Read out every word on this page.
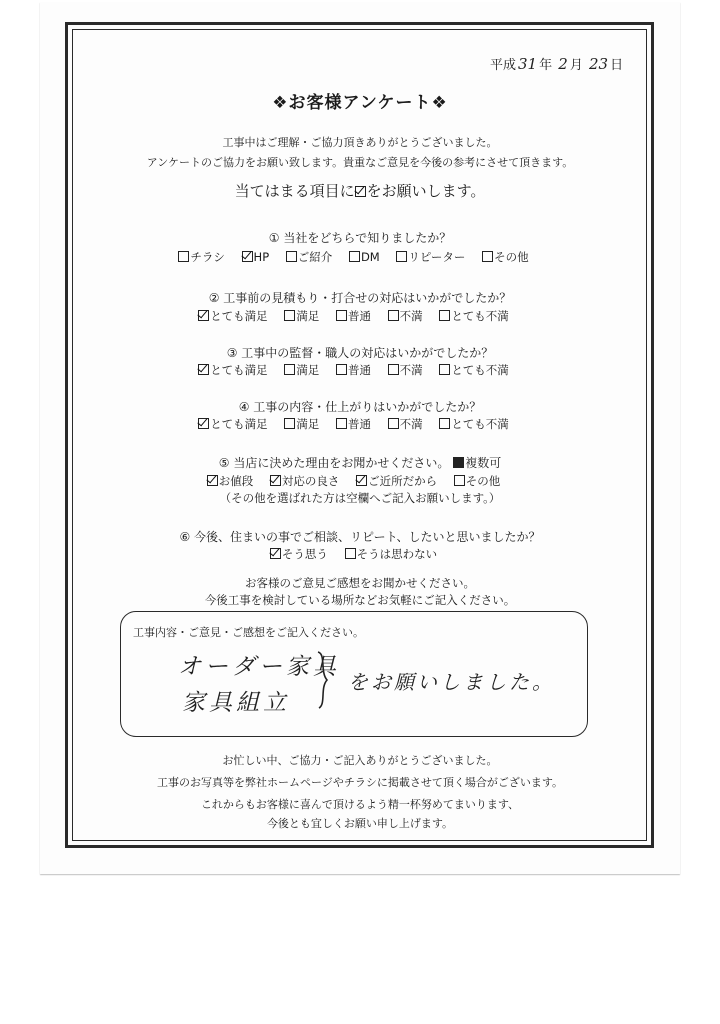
平成 31 年 2 月 23 日
❖お客様アンケート❖
工事中はご理解・ご協力頂きありがとうございました。
アンケートのご協力をお願い致します。貴重なご意見を今後の参考にさせて頂きます。
当てはまる項目に をお願いします。
① 当社をどちらで知りましたか？
チラシ HP ご紹介 DM リピーター その他
② 工事前の見積もり・打合せの対応はいかがでしたか？
とても満足 満足 普通 不満 とても不満
③ 工事中の監督・職人の対応はいかがでしたか？
とても満足 満足 普通 不満 とても不満
④ 工事の内容・仕上がりはいかがでしたか？
とても満足 満足 普通 不満 とても不満
⑤ 当店に決めた理由をお聞かせください。 複数可
お値段 対応の良さ ご近所だから その他
（その他を選ばれた方は空欄へご記入お願いします。）
⑥ 今後、住まいの事でご相談、リピート、したいと思いましたか？
そう思う そうは思わない
お客様のご意見ご感想をお聞かせください。
今後工事を検討している場所などお気軽にご記入ください。
工事内容・ご意見・ご感想をご記入ください。
オーダー家具
家具組立
をお願いしました。
お忙しい中、ご協力・ご記入ありがとうございました。
工事のお写真等を弊社ホームページやチラシに掲載させて頂く場合がございます。
これからもお客様に喜んで頂けるよう精一杯努めてまいります、
今後とも宜しくお願い申し上げます。
